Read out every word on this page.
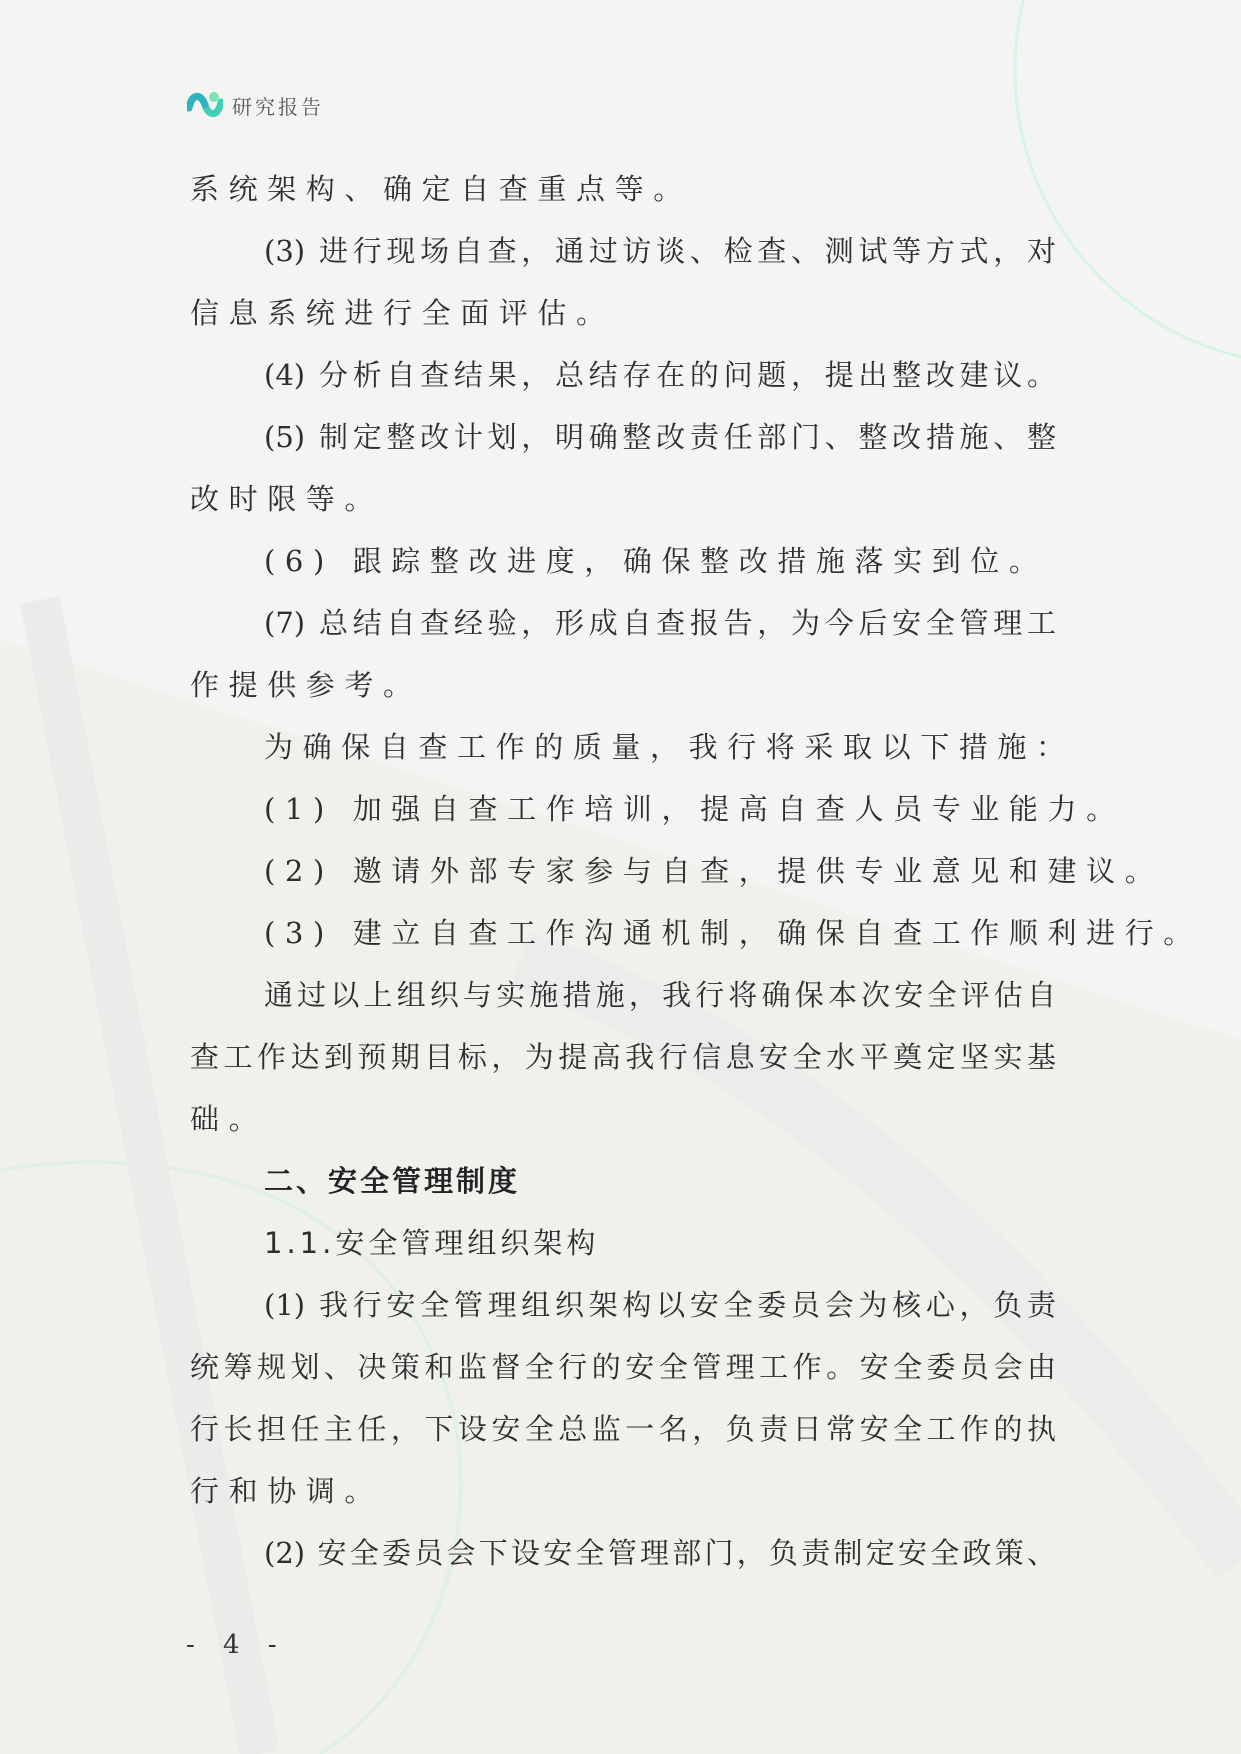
研究报告
系统架构、确定自查重点等。
(3) 进行现场自查，通过访谈、检查、测试等方式，对
信息系统进行全面评估。
(4) 分析自查结果，总结存在的问题，提出整改建议。
(5) 制定整改计划，明确整改责任部门、整改措施、整
改时限等。
(6) 跟踪整改进度，确保整改措施落实到位。
(7) 总结自查经验，形成自查报告，为今后安全管理工
作提供参考。
为确保自查工作的质量，我行将采取以下措施：
(1) 加强自查工作培训，提高自查人员专业能力。
(2) 邀请外部专家参与自查，提供专业意见和建议。
(3) 建立自查工作沟通机制，确保自查工作顺利进行。
通过以上组织与实施措施，我行将确保本次安全评估自
查工作达到预期目标，为提高我行信息安全水平奠定坚实基
础。
二、安全管理制度
1.1.安全管理组织架构
(1) 我行安全管理组织架构以安全委员会为核心，负责
统筹规划、决策和监督全行的安全管理工作。安全委员会由
行长担任主任，下设安全总监一名，负责日常安全工作的执
行和协调。
(2) 安全委员会下设安全管理部门，负责制定安全政策、
- 4 -
